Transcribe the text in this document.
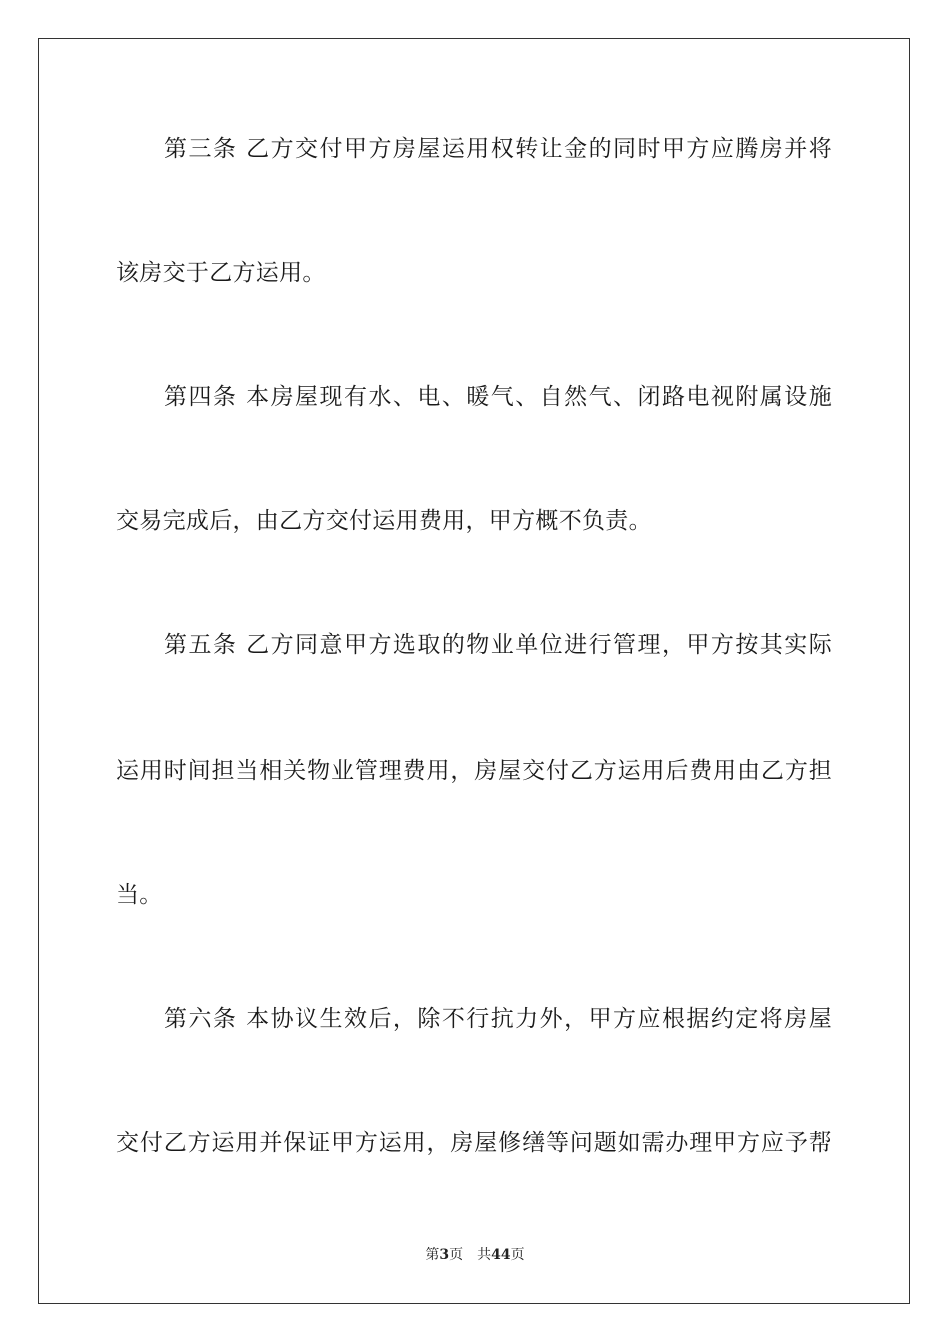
第三条 乙方交付甲方房屋运用权转让金的同时甲方应腾房并将
该房交于乙方运用。
第四条 本房屋现有水、电、暖气、自然气、闭路电视附属设施
交易完成后，由乙方交付运用费用，甲方概不负责。
第五条 乙方同意甲方选取的物业单位进行管理，甲方按其实际
运用时间担当相关物业管理费用，房屋交付乙方运用后费用由乙方担
当。
第六条 本协议生效后，除不行抗力外，甲方应根据约定将房屋
交付乙方运用并保证甲方运用，房屋修缮等问题如需办理甲方应予帮
第3页　共44页
